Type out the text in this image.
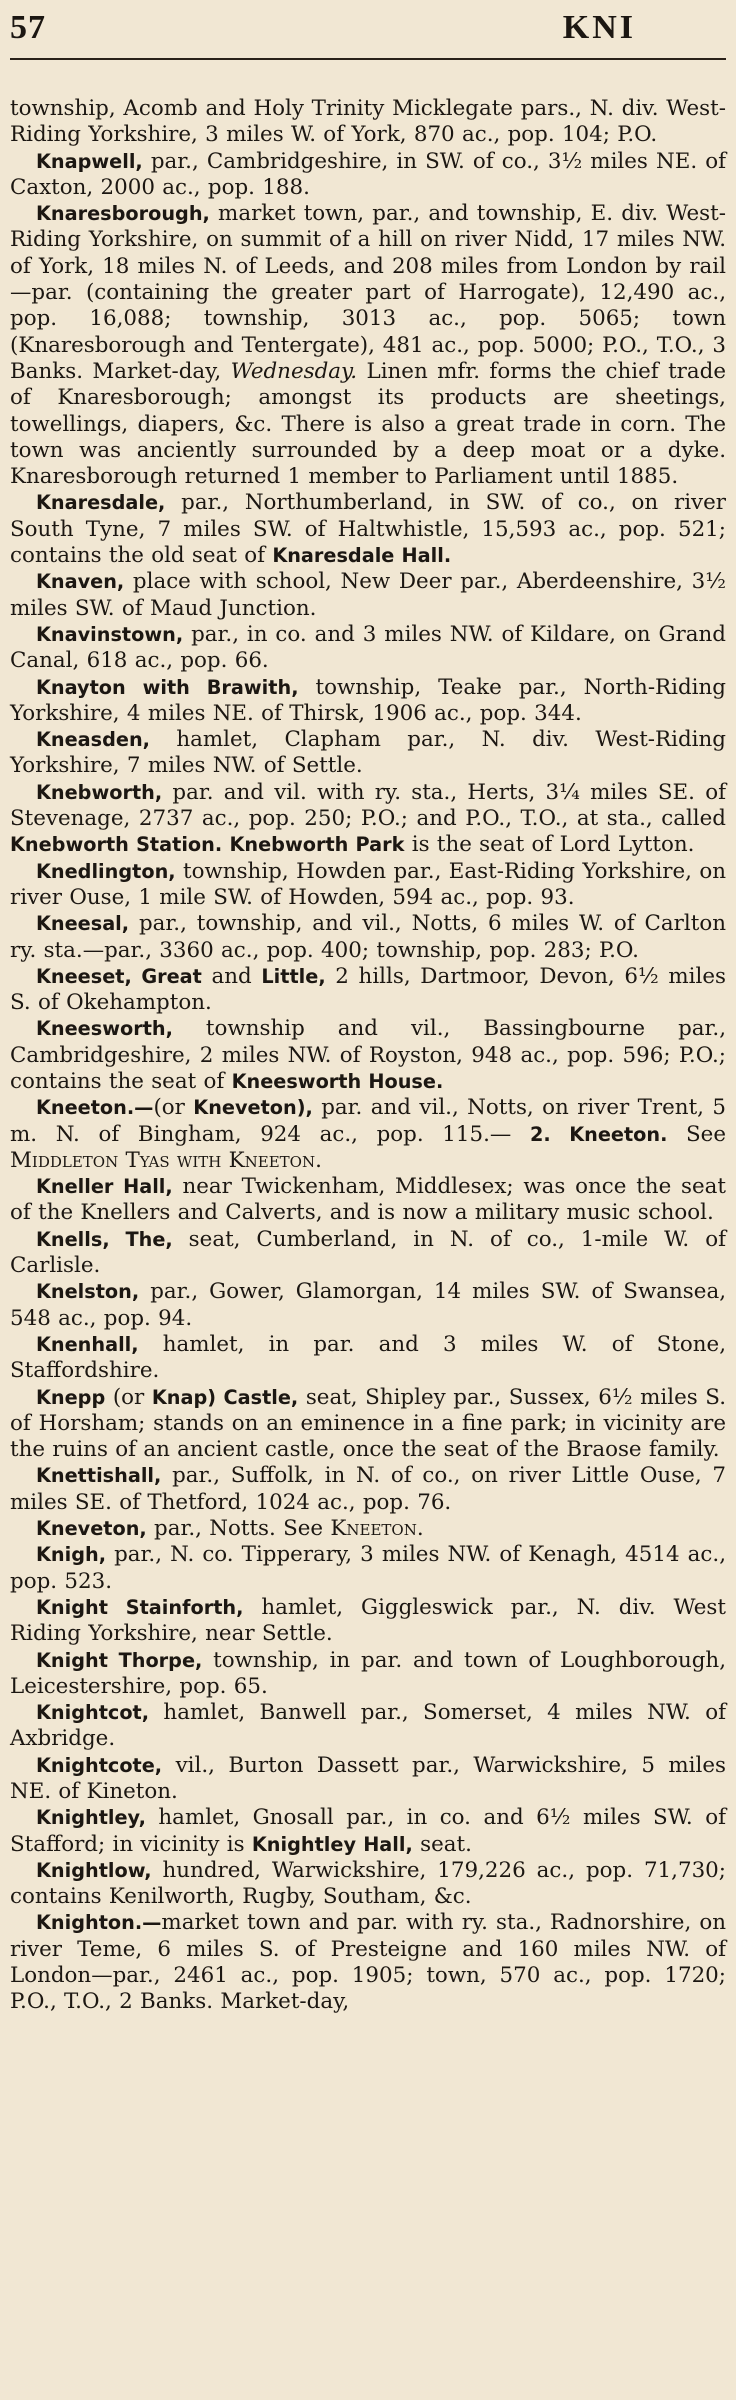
57	KNI

township, Acomb and Holy Trinity Micklegate pars., N. div. West-Riding Yorkshire, 3 miles W. of York, 870 ac., pop. 104; P.O.

Knapwell, par., Cambridgeshire, in SW. of co., 3½ miles NE. of Caxton, 2000 ac., pop. 188.

Knaresborough, market town, par., and township, E. div. West-Riding Yorkshire, on summit of a hill on river Nidd, 17 miles NW. of York, 18 miles N. of Leeds, and 208 miles from London by rail—par. (containing the greater part of Harrogate), 12,490 ac., pop. 16,088; township, 3013 ac., pop. 5065; town (Knaresborough and Tentergate), 481 ac., pop. 5000; P.O., T.O., 3 Banks. Market-day, Wednesday. Linen mfr. forms the chief trade of Knaresborough; amongst its products are sheetings, towellings, diapers, &c. There is also a great trade in corn. The town was anciently surrounded by a deep moat or a dyke. Knaresborough returned 1 member to Parliament until 1885.

Knaresdale, par., Northumberland, in SW. of co., on river South Tyne, 7 miles SW. of Haltwhistle, 15,593 ac., pop. 521; contains the old seat of Knaresdale Hall.

Knaven, place with school, New Deer par., Aberdeenshire, 3½ miles SW. of Maud Junction.

Knavinstown, par., in co. and 3 miles NW. of Kildare, on Grand Canal, 618 ac., pop. 66.

Knayton with Brawith, township, Teake par., North-Riding Yorkshire, 4 miles NE. of Thirsk, 1906 ac., pop. 344.

Kneasden, hamlet, Clapham par., N. div. West-Riding Yorkshire, 7 miles NW. of Settle.

Knebworth, par. and vil. with ry. sta., Herts, 3¼ miles SE. of Stevenage, 2737 ac., pop. 250; P.O.; and P.O., T.O., at sta., called Knebworth Station. Knebworth Park is the seat of Lord Lytton.

Knedlington, township, Howden par., East-Riding Yorkshire, on river Ouse, 1 mile SW. of Howden, 594 ac., pop. 93.

Kneesal, par., township, and vil., Notts, 6 miles W. of Carlton ry. sta.—par., 3360 ac., pop. 400; township, pop. 283; P.O.

Kneeset, Great and Little, 2 hills, Dartmoor, Devon, 6½ miles S. of Okehampton.

Kneesworth, township and vil., Bassingbourne par., Cambridgeshire, 2 miles NW. of Royston, 948 ac., pop. 596; P.O.; contains the seat of Kneesworth House.

Kneeton.—(or Kneveton), par. and vil., Notts, on river Trent, 5 m. N. of Bingham, 924 ac., pop. 115.— 2. Kneeton. See Middleton Tyas with Kneeton.

Kneller Hall, near Twickenham, Middlesex; was once the seat of the Knellers and Calverts, and is now a military music school.

Knells, The, seat, Cumberland, in N. of co., 1-mile W. of Carlisle.

Knelston, par., Gower, Glamorgan, 14 miles SW. of Swansea, 548 ac., pop. 94.

Knenhall, hamlet, in par. and 3 miles W. of Stone, Staffordshire.

Knepp (or Knap) Castle, seat, Shipley par., Sussex, 6½ miles S. of Horsham; stands on an eminence in a fine park; in vicinity are the ruins of an ancient castle, once the seat of the Braose family.

Knettishall, par., Suffolk, in N. of co., on river Little Ouse, 7 miles SE. of Thetford, 1024 ac., pop. 76.

Kneveton, par., Notts. See Kneeton.

Knigh, par., N. co. Tipperary, 3 miles NW. of Kenagh, 4514 ac., pop. 523.

Knight Stainforth, hamlet, Giggleswick par., N. div. West Riding Yorkshire, near Settle.

Knight Thorpe, township, in par. and town of Loughborough, Leicestershire, pop. 65.

Knightcot, hamlet, Banwell par., Somerset, 4 miles NW. of Axbridge.

Knightcote, vil., Burton Dassett par., Warwickshire, 5 miles NE. of Kineton.

Knightley, hamlet, Gnosall par., in co. and 6½ miles SW. of Stafford; in vicinity is Knightley Hall, seat.

Knightlow, hundred, Warwickshire, 179,226 ac., pop. 71,730; contains Kenilworth, Rugby, Southam, &c.

Knighton.—market town and par. with ry. sta., Radnorshire, on river Teme, 6 miles S. of Presteigne and 160 miles NW. of London—par., 2461 ac., pop. 1905; town, 570 ac., pop. 1720; P.O., T.O., 2 Banks. Market-day,
